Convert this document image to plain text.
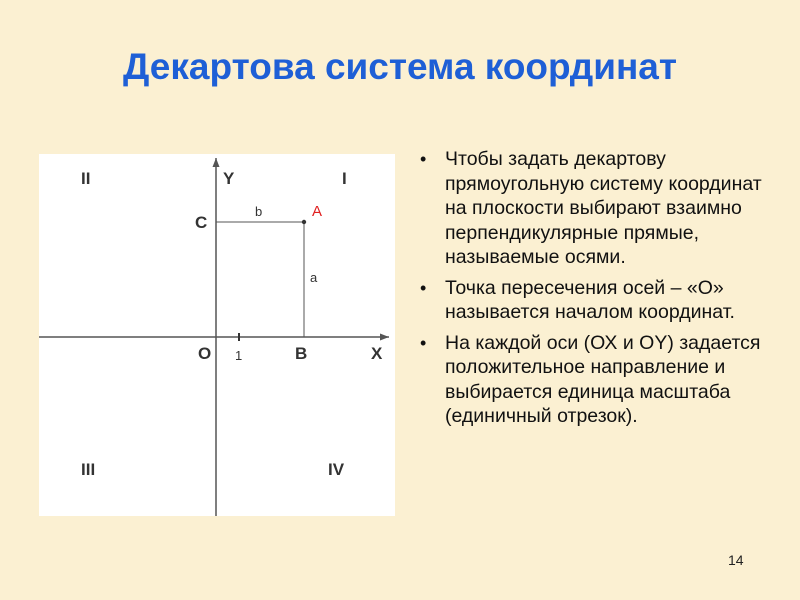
Декартова система координат
II	I
III	IV
Y
X
O 1
C
B
A
b
a
• Чтобы задать декартову прямоугольную систему координат на плоскости выбирают взаимно перпендикулярные прямые, называемые осями.
• Точка пересечения осей – «О» называется началом координат.
• На каждой оси (ОХ и ОY) задается положительное направление и выбирается единица масштаба (единичный отрезок).
14
